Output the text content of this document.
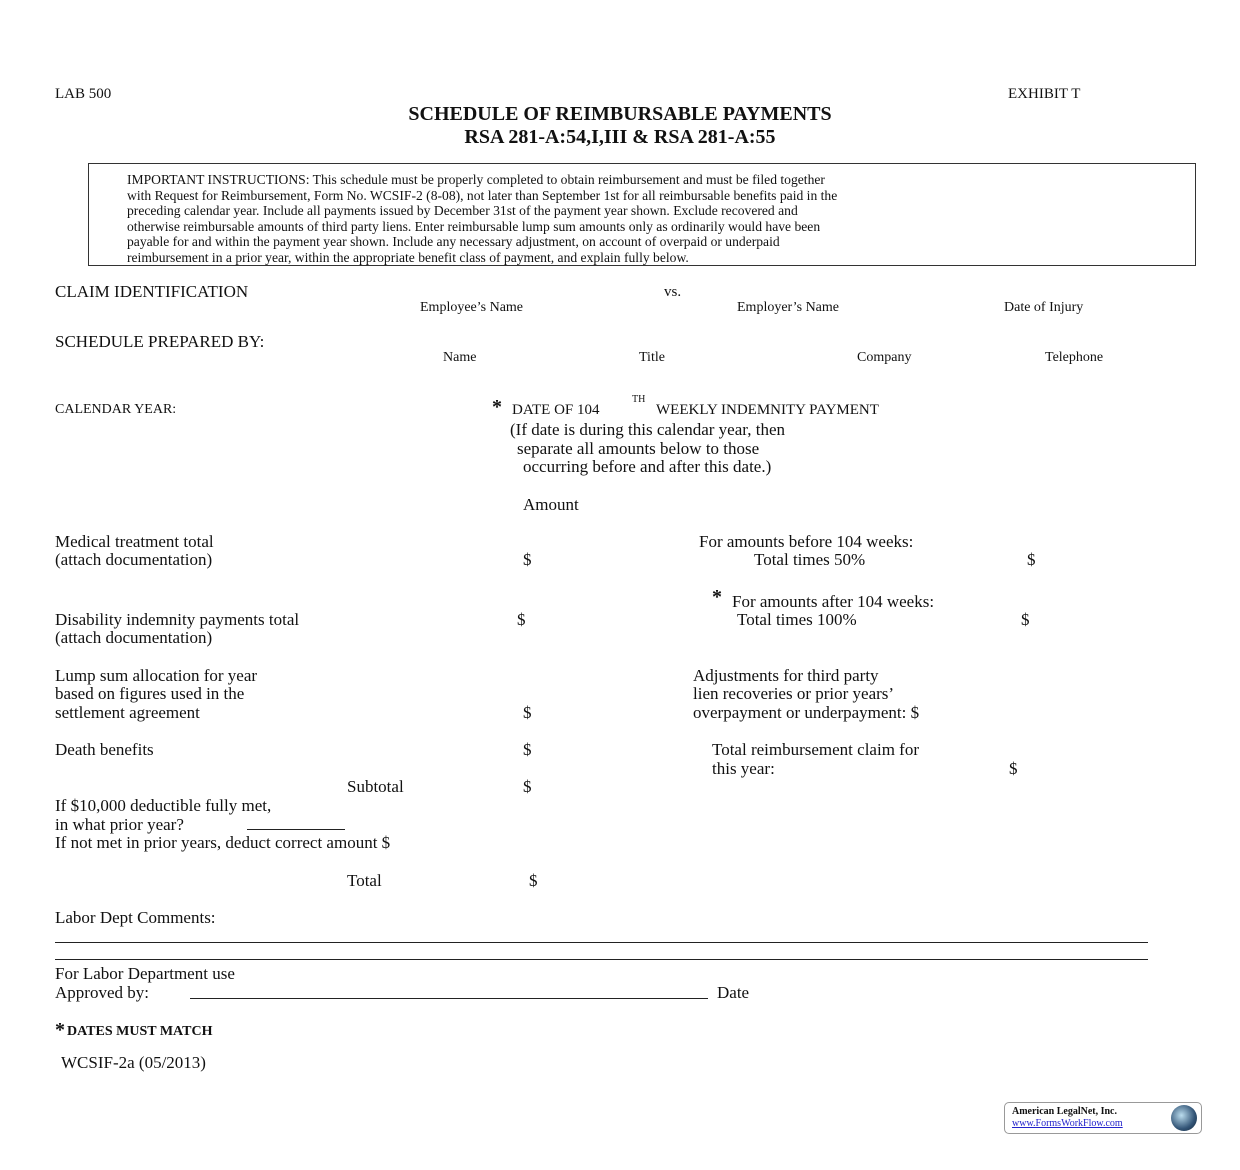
LAB 500	EXHIBIT T
SCHEDULE OF REIMBURSABLE PAYMENTS
RSA 281-A:54,I,III & RSA 281-A:55

IMPORTANT INSTRUCTIONS: This schedule must be properly completed to obtain reimbursement and must be filed together
with Request for Reimbursement, Form No. WCSIF-2 (8-08), not later than September 1st for all reimbursable benefits paid in the
preceding calendar year. Include all payments issued by December 31st of the payment year shown. Exclude recovered and
otherwise reimbursable amounts of third party liens. Enter reimbursable lump sum amounts only as ordinarily would have been
payable for and within the payment year shown. Include any necessary adjustment, on account of overpaid or underpaid
reimbursement in a prior year, within the appropriate benefit class of payment, and explain fully below.

CLAIM IDENTIFICATION	vs.
Employee’s Name	Employer’s Name	Date of Injury
SCHEDULE PREPARED BY:
Name	Title	Company	Telephone
CALENDAR YEAR:	* DATE OF 104
TH
WEEKLY INDEMNITY PAYMENT
(If date is during this calendar year, then
separate all amounts below to those
occurring before and after this date.)
Amount
Medical treatment total
(attach documentation)	$
Disability indemnity payments total
(attach documentation)
$
Lump sum allocation for year
based on figures used in the
settlement agreement	$
Death benefits	$
Subtotal	$
If $10,000 deductible fully met,
in what prior year?
If not met in prior years, deduct correct amount $
Total	$
For amounts before 104 weeks:
Total times 50%	$
* For amounts after 104 weeks:
Total times 100%	$
Adjustments for third party
lien recoveries or prior years’
overpayment or underpayment: $
Total reimbursement claim for
this year:	$
Labor Dept Comments:
For Labor Department use
Approved by:	Date
* DATES MUST MATCH
WCSIF-2a (05/2013)
American LegalNet, Inc.
www.FormsWorkFlow.com
